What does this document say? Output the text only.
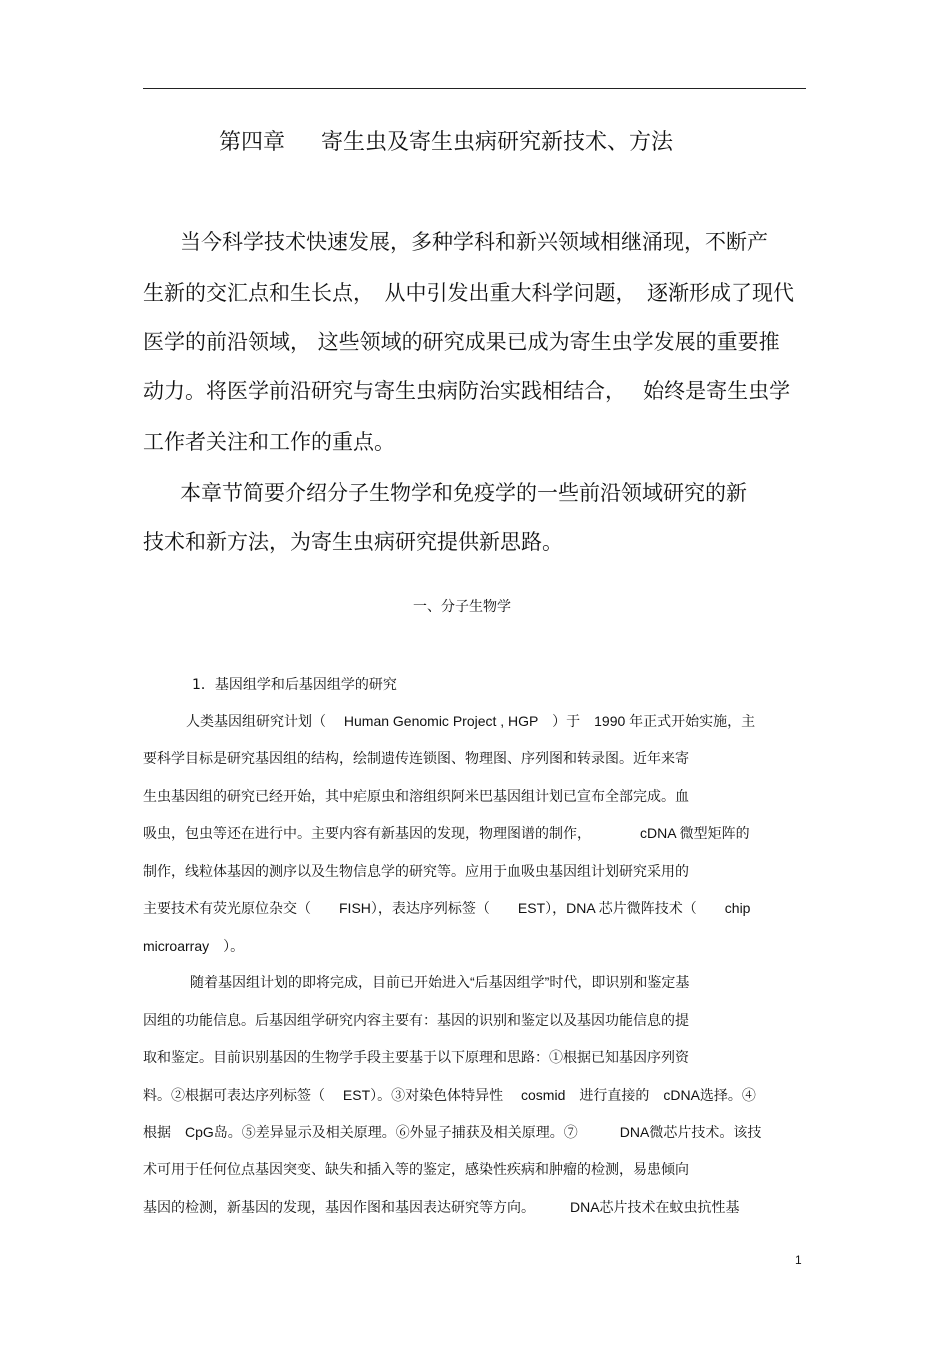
第四章 寄生虫及寄生虫病研究新技术、方法
当今科学技术快速发展，多种学科和新兴领域相继涌现，不断产
生新的交汇点和生长点，　从中引发出重大科学问题，　逐渐形成了现代
医学的前沿领域， 这些领域的研究成果已成为寄生虫学发展的重要推
动力。将医学前沿研究与寄生虫病防治实践相结合，　 始终是寄生虫学
工作者关注和工作的重点。
本章节简要介绍分子生物学和免疫学的一些前沿领域研究的新
技术和新方法，为寄生虫病研究提供新思路。
一、分子生物学
1．基因组学和后基因组学的研究
人类基因组研究计划（　 Human Genomic Project , HGP　）于　1990 年正式开始实施，主
要科学目标是研究基因组的结构，绘制遗传连锁图、物理图、序列图和转录图。近年来寄
生虫基因组的研究已经开始，其中疟原虫和溶组织阿米巴基因组计划已宣布全部完成。血
吸虫，包虫等还在进行中。主要内容有新基因的发现，物理图谱的制作，　　　　cDNA 微型矩阵的
制作，线粒体基因的测序以及生物信息学的研究等。应用于血吸虫基因组计划研究采用的
主要技术有荧光原位杂交（　　FISH），表达序列标签（　　EST），DNA 芯片微阵技术（　　chip
microarray　）。
随着基因组计划的即将完成，目前已开始进入“后基因组学”时代，即识别和鉴定基
因组的功能信息。后基因组学研究内容主要有：基因的识别和鉴定以及基因功能信息的提
取和鉴定。目前识别基因的生物学手段主要基于以下原理和思路：①根据已知基因序列资
料。②根据可表达序列标签（　 EST）。③对染色体特异性　 cosmid　进行直接的　cDNA选择。④
根据　CpG岛。⑤差异显示及相关原理。⑥外显子捕获及相关原理。⑦　　　DNA微芯片技术。该技
术可用于任何位点基因突变、缺失和插入等的鉴定，感染性疾病和肿瘤的检测，易患倾向
基因的检测，新基因的发现，基因作图和基因表达研究等方向。　　　DNA芯片技术在蚊虫抗性基
1
